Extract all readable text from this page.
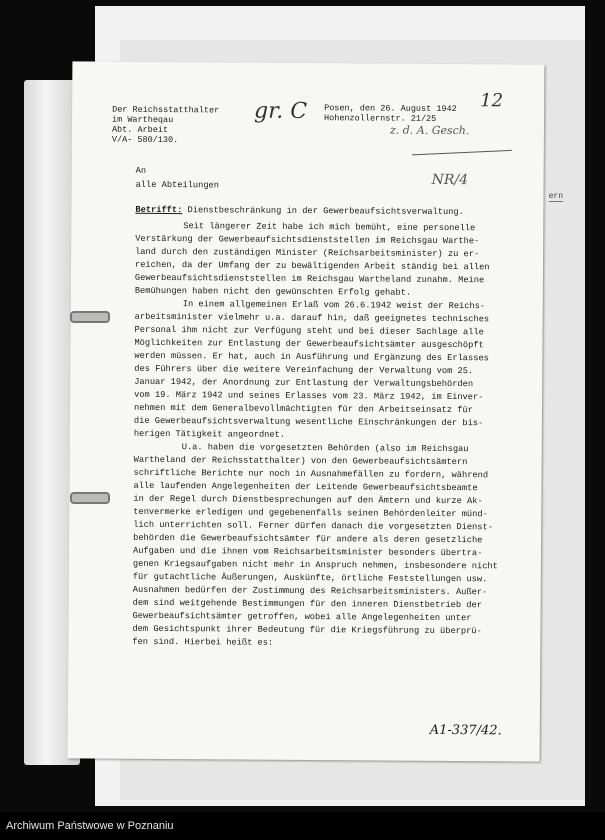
ern
Der Reichsstatthalter
im Wartheqau
Abt. Arbeit
V/A- 580/130.
gr. C Posen, den 26. August 1942
Hohenzollernstr. 21/25
12
z. d. A. Gesch.
NR/4
An
alle Abteilungen
Betrifft: Dienstbeschränkung in der Gewerbeaufsichtsverwaltung.
Seit längerer Zeit habe ich mich bemüht, eine personelle
Verstärkung der Gewerbeaufsichtsdienststellen im Reichsgau Warthe-
land durch den zuständigen Minister (Reichsarbeitsminister) zu er-
reichen, da der Umfang der zu bewältigenden Arbeit ständig bei allen
Gewerbeaufsichtsdienststellen im Reichsgau Wartheland zunahm. Meine
Bemühungen haben nicht den gewünschten Erfolg gehabt.
In einem allgemeinen Erlaß vom 26.6.1942 weist der Reichs-
arbeitsminister vielmehr u.a. darauf hin, daß geeignetes technisches
Personal ihm nicht zur Verfügung steht und bei dieser Sachlage alle
Möglichkeiten zur Entlastung der Gewerbeaufsichtsämter ausgeschöpft
werden müssen. Er hat, auch in Ausführung und Ergänzung des Erlasses
des Führers über die weitere Vereinfachung der Verwaltung vom 25.
Januar 1942, der Anordnung zur Entlastung der Verwaltungsbehörden
vom 19. März 1942 und seines Erlasses vom 23. März 1942, im Einver-
nehmen mit dem Generalbevollmächtigten für den Arbeitseinsatz für
die Gewerbeaufsichtsverwaltung wesentliche Einschränkungen der bis-
herigen Tätigkeit angeordnet.
U.a. haben die vorgesetzten Behörden (also im Reichsgau
Wartheland der Reichsstatthalter) von den Gewerbeaufsichtsämtern
schriftliche Berichte nur noch in Ausnahmefällen zu fordern, während
alle laufenden Angelegenheiten der Leitende Gewerbeaufsichtsbeamte
in der Regel durch Dienstbesprechungen auf den Ämtern und kurze Ak-
tenvermerke erledigen und gegebenenfalls seinen Behördenleiter münd-
lich unterrichten soll. Ferner dürfen danach die vorgesetzten Dienst-
behörden die Gewerbeaufsichtsämter für andere als deren gesetzliche
Aufgaben und die ihnen vom Reichsarbeitsminister besonders übertra-
genen Kriegsaufgaben nicht mehr in Anspruch nehmen, insbesondere nicht
für gutachtliche Äußerungen, Auskünfte, örtliche Feststellungen usw.
Ausnahmen bedürfen der Zustimmung des Reichsarbeitsministers. Außer-
dem sind weitgehende Bestimmungen für den inneren Dienstbetrieb der
Gewerbeaufsichtsämter getroffen, wobei alle Angelegenheiten unter
dem Gesichtspunkt ihrer Bedeutung für die Kriegsführung zu überprü-
fen sind. Hierbei heißt es:
A1-337/42.
Archiwum Państwowe w Poznaniu
